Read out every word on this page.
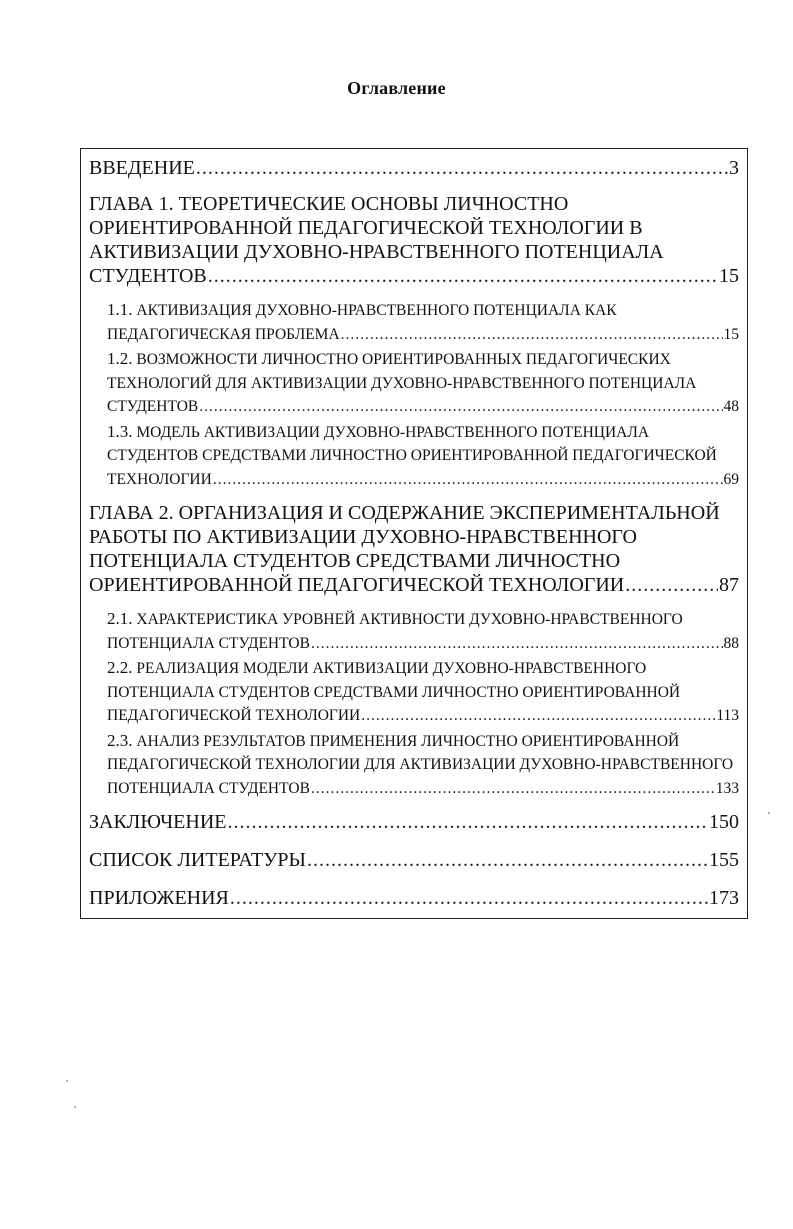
Оглавление
ВВЕДЕНИЕ .....	3
ГЛАВА 1. ТЕОРЕТИЧЕСКИЕ ОСНОВЫ ЛИЧНОСТНО
ОРИЕНТИРОВАННОЙ ПЕДАГОГИЧЕСКОЙ ТЕХНОЛОГИИ В
АКТИВИЗАЦИИ ДУХОВНО-НРАВСТВЕННОГО ПОТЕНЦИАЛА
СТУДЕНТОВ .....	15
1.1. АКТИВИЗАЦИЯ ДУХОВНО-НРАВСТВЕННОГО ПОТЕНЦИАЛА КАК
ПЕДАГОГИЧЕСКАЯ ПРОБЛЕМА .....	15
1.2. ВОЗМОЖНОСТИ ЛИЧНОСТНО ОРИЕНТИРОВАННЫХ ПЕДАГОГИЧЕСКИХ
ТЕХНОЛОГИЙ ДЛЯ АКТИВИЗАЦИИ ДУХОВНО-НРАВСТВЕННОГО ПОТЕНЦИАЛА
СТУДЕНТОВ .....	48
1.3. МОДЕЛЬ АКТИВИЗАЦИИ ДУХОВНО-НРАВСТВЕННОГО ПОТЕНЦИАЛА
СТУДЕНТОВ СРЕДСТВАМИ ЛИЧНОСТНО ОРИЕНТИРОВАННОЙ ПЕДАГОГИЧЕСКОЙ
ТЕХНОЛОГИИ .....	69
ГЛАВА 2. ОРГАНИЗАЦИЯ И СОДЕРЖАНИЕ ЭКСПЕРИМЕНТАЛЬНОЙ
РАБОТЫ ПО АКТИВИЗАЦИИ ДУХОВНО-НРАВСТВЕННОГО
ПОТЕНЦИАЛА СТУДЕНТОВ СРЕДСТВАМИ ЛИЧНОСТНО
ОРИЕНТИРОВАННОЙ ПЕДАГОГИЧЕСКОЙ ТЕХНОЛОГИИ .....	87
2.1. ХАРАКТЕРИСТИКА УРОВНЕЙ АКТИВНОСТИ ДУХОВНО-НРАВСТВЕННОГО
ПОТЕНЦИАЛА СТУДЕНТОВ .....	88
2.2. РЕАЛИЗАЦИЯ МОДЕЛИ АКТИВИЗАЦИИ ДУХОВНО-НРАВСТВЕННОГО
ПОТЕНЦИАЛА СТУДЕНТОВ СРЕДСТВАМИ ЛИЧНОСТНО ОРИЕНТИРОВАННОЙ
ПЕДАГОГИЧЕСКОЙ ТЕХНОЛОГИИ .....	113
2.3. АНАЛИЗ РЕЗУЛЬТАТОВ ПРИМЕНЕНИЯ ЛИЧНОСТНО ОРИЕНТИРОВАННОЙ
ПЕДАГОГИЧЕСКОЙ ТЕХНОЛОГИИ ДЛЯ АКТИВИЗАЦИИ ДУХОВНО-НРАВСТВЕННОГО
ПОТЕНЦИАЛА СТУДЕНТОВ .....	133
ЗАКЛЮЧЕНИЕ .....	150
СПИСОК ЛИТЕРАТУРЫ .....	155
ПРИЛОЖЕНИЯ .....	173
